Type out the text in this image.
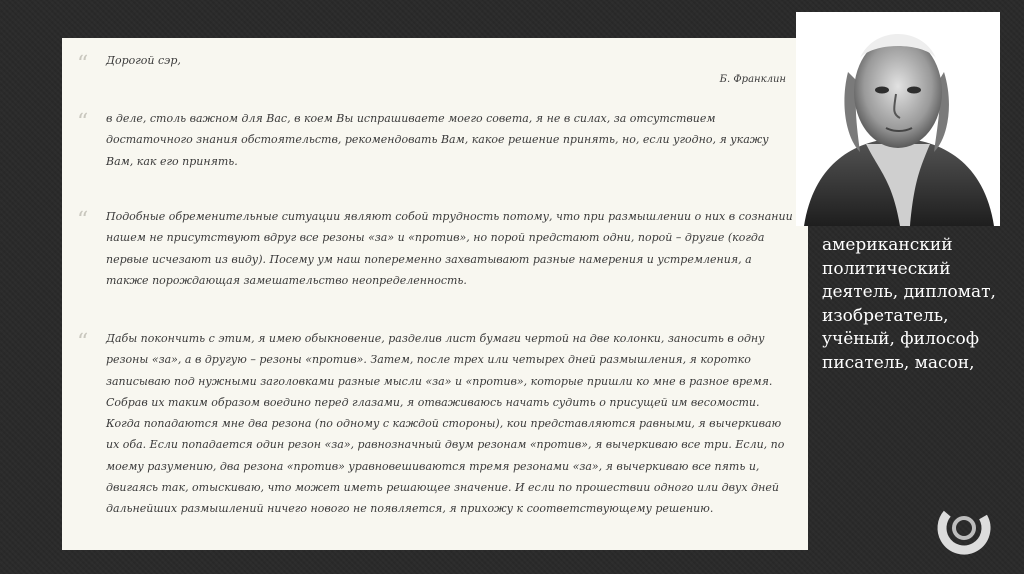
“ Дорогой сэр,

Б. Франклин
“ в деле, столь важном для Вас, в коем Вы испрашиваете моего совета, я не в силах, за отсутствием достаточного знания обстоятельств, рекомендовать Вам, какое решение принять, но, если угодно, я укажу Вам, как его принять.

“ Подобные обременительные ситуации являют собой трудность потому, что при размышлении о них в сознании нашем не присутствуют вдруг все резоны «за» и «против», но порой предстают одни, порой – другие (когда первые исчезают из виду). Посему ум наш попеременно захватывают разные намерения и устремления, а также порождающая замешательство неопределенность.

“ Дабы покончить с этим, я имею обыкновение, разделив лист бумаги чертой на две колонки, заносить в одну резоны «за», а в другую – резоны «против». Затем, после трех или четырех дней размышления, я коротко записываю под нужными заголовками разные мысли «за» и «против», которые пришли ко мне в разное время. Собрав их таким образом воедино перед глазами, я отваживаюсь начать судить о присущей им весомости. Когда попадаются мне два резона (по одному с каждой стороны), кои представляются равными, я вычеркиваю их оба. Если попадается один резон «за», равнозначный двум резонам «против», я вычеркиваю все три. Если, по моему разумению, два резона «против» уравновешиваются тремя резонами «за», я вычеркиваю все пять и, двигаясь так, отыскиваю, что может иметь решающее значение. И если по прошествии одного или двух дней дальнейших размышлений ничего нового не появляется, я прихожу к соответствующему решению.

американский политический деятель, дипломат, изобретатель, учёный, философ писатель, масон,
